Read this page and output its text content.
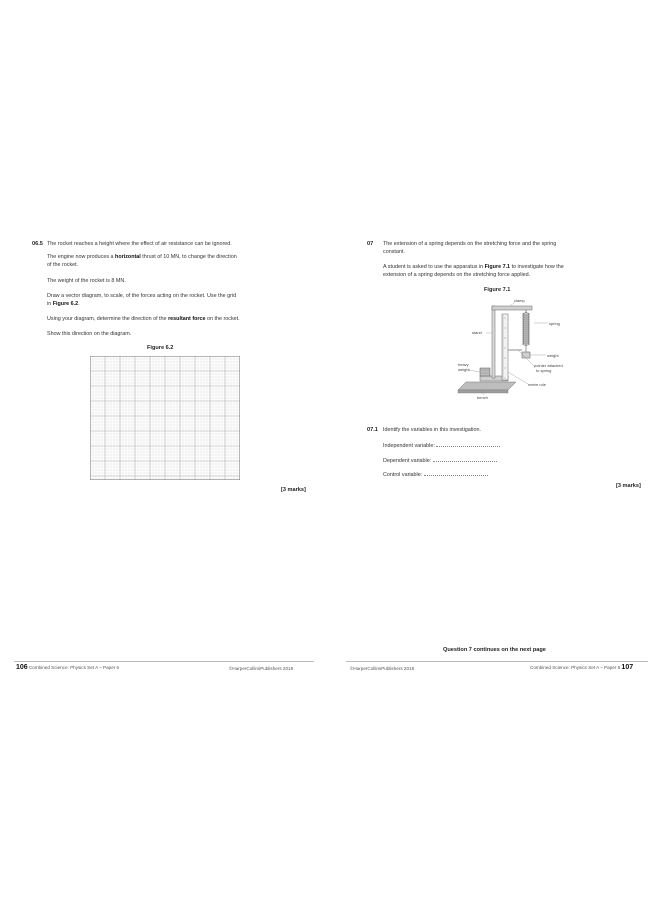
06.5 The rocket reaches a height where the effect of air resistance can be ignored.
The engine now produces a horizontal thrust of 10 MN, to change the direction
of the rocket.
The weight of the rocket is 8 MN.
Draw a vector diagram, to scale, of the forces acting on the rocket. Use the grid
in Figure 6.2.
Using your diagram, determine the direction of the resultant force on the rocket.
Show this direction on the diagram.
Figure 6.2
[3 marks]
106 Combined Science: Physics Set A – Paper 6	©HarperCollinsPublishers 2018
07 The extension of a spring depends on the stretching force and the spring
constant.
A student is asked to use the apparatus in Figure 7.1 to investigate how the
extension of a spring depends on the stretching force applied.
Figure 7.1
clamp
spring
stand
weight
heavy
weight
pointer attached
to spring
metre rule
bench
07.1 Identify the variables in this investigation.
Independent variable:
Dependent variable:
Control variable:
[3 marks]
Question 7 continues on the next page
©HarperCollinsPublishers 2018	Combined Science: Physics Set A – Paper 6 107
